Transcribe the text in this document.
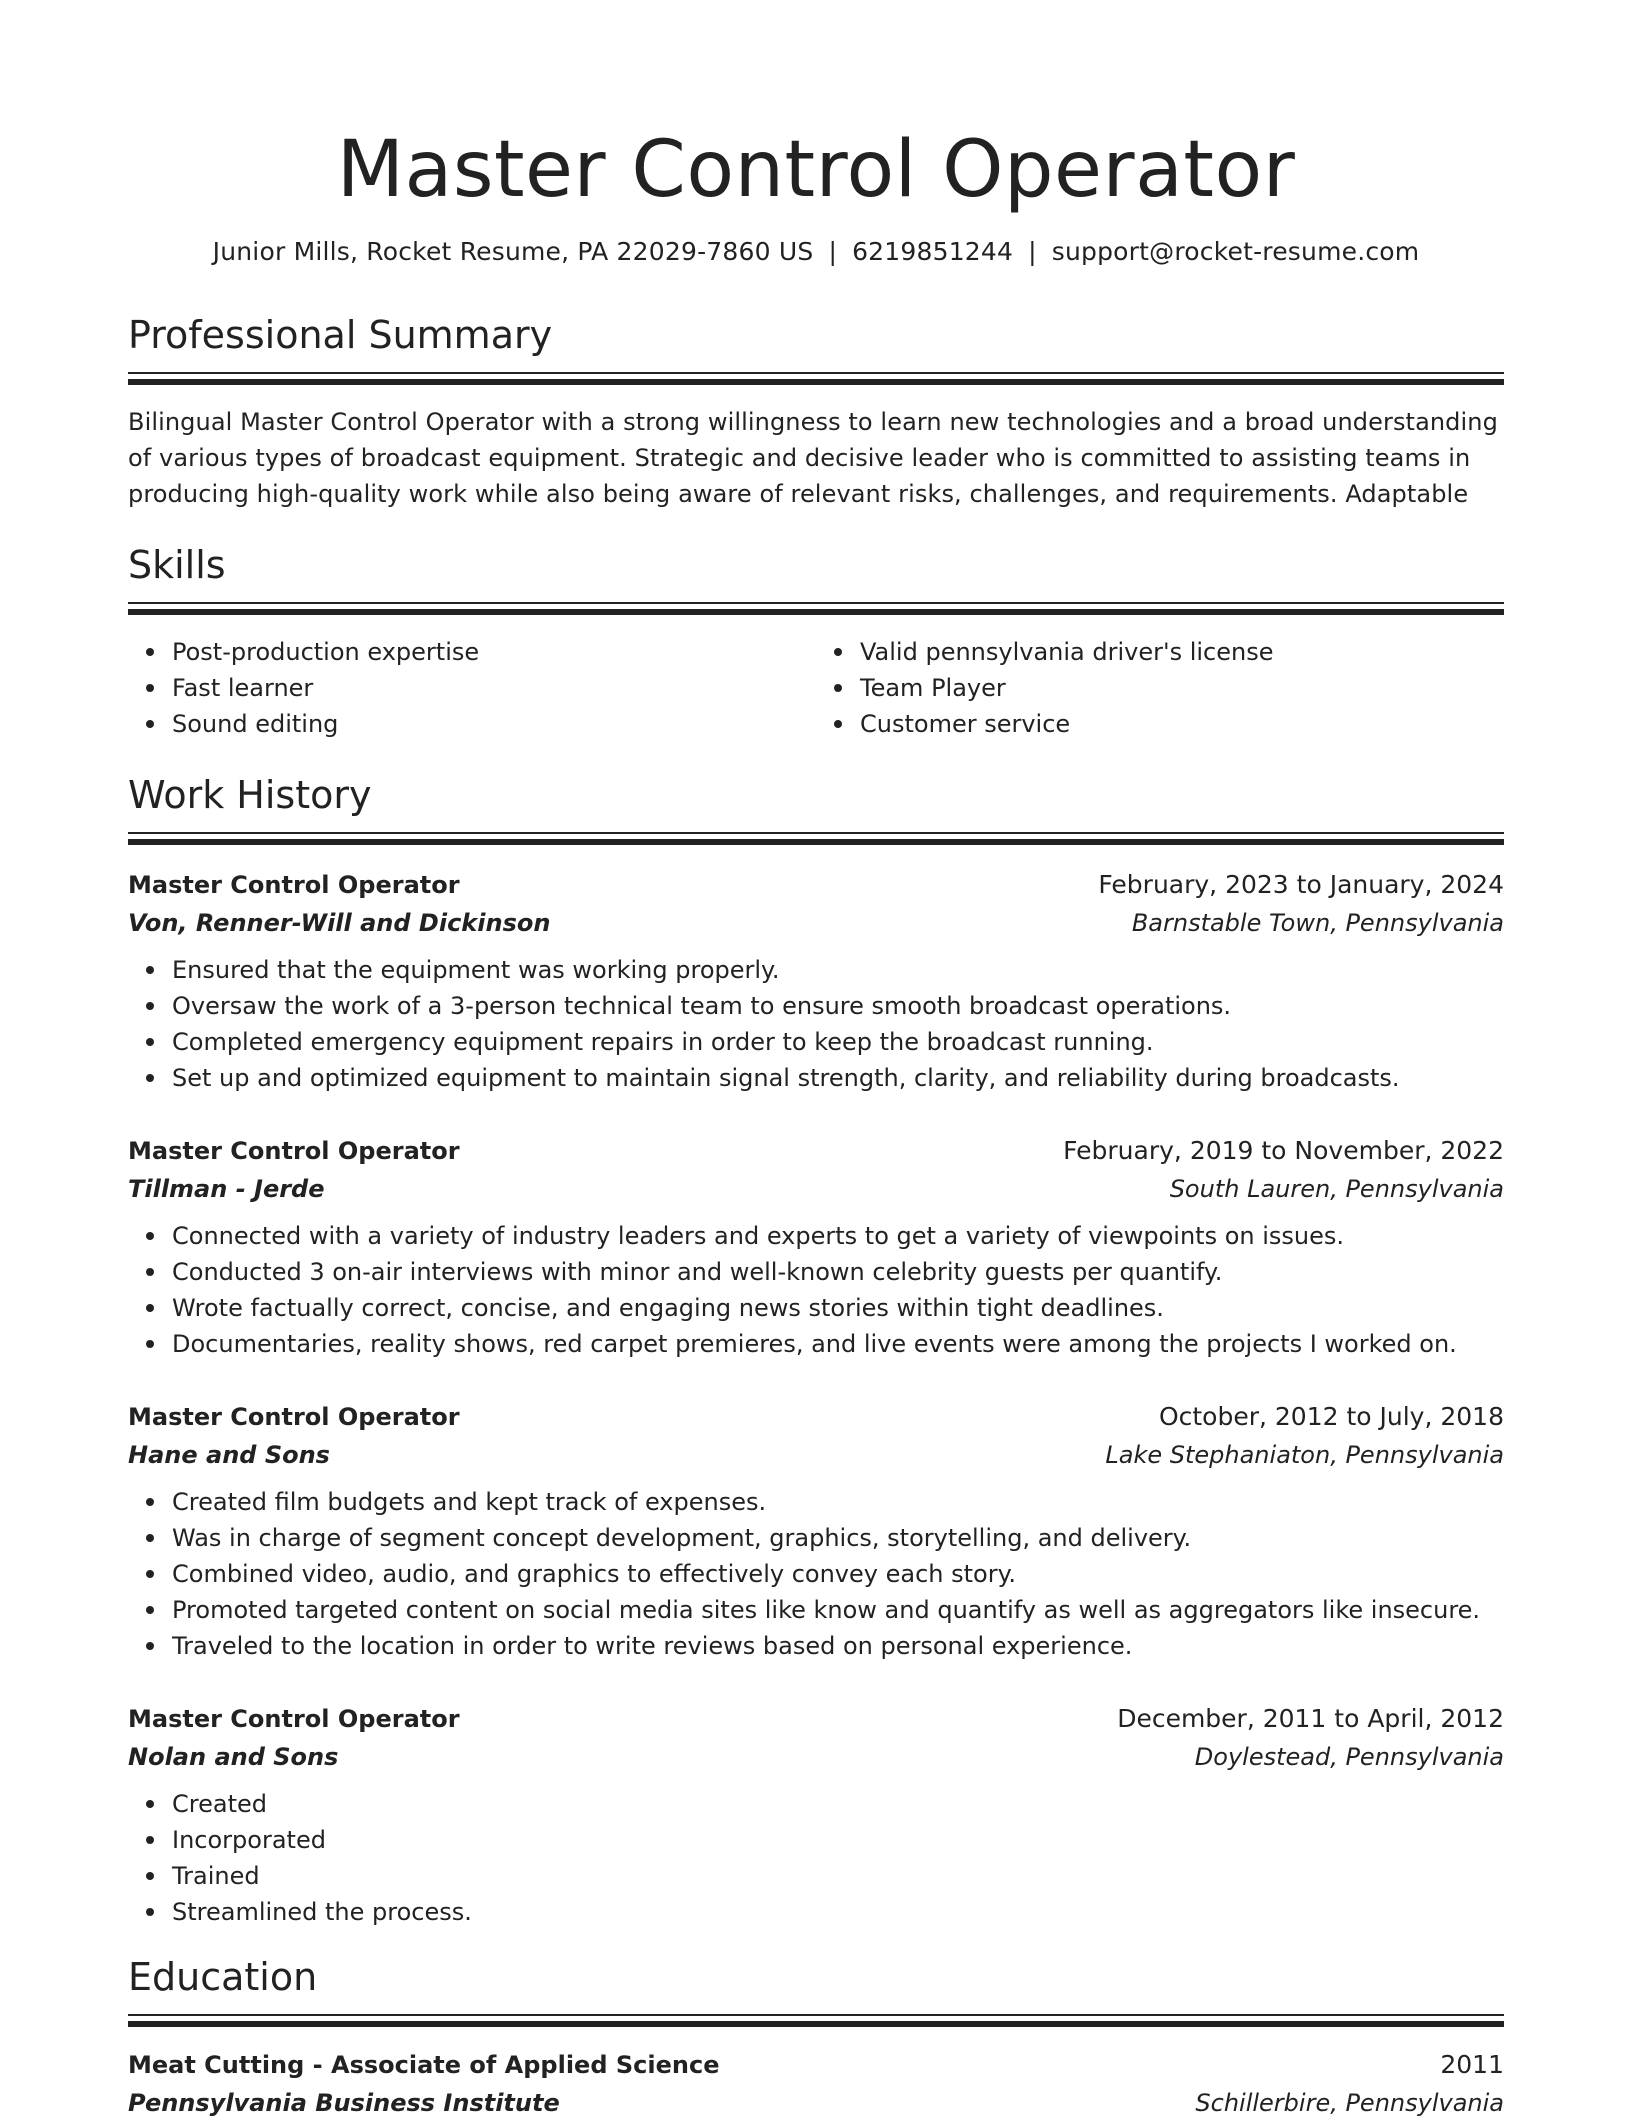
Master Control Operator
Junior Mills, Rocket Resume, PA 22029-7860 US | 6219851244 | support@rocket-resume.com
Professional Summary

Bilingual Master Control Operator with a strong willingness to learn new technologies and a broad understanding of various types of broadcast equipment. Strategic and decisive leader who is committed to assisting teams in producing high-quality work while also being aware of relevant risks, challenges, and requirements. Adaptable

Skills
Post-production expertise
Fast learner
Sound editing
Valid pennsylvania driver's license
Team Player
Customer service
Work History
Master Control Operator	February, 2023 to January, 2024
Von, Renner-Will and Dickinson	Barnstable Town, Pennsylvania
Ensured that the equipment was working properly.
Oversaw the work of a 3-person technical team to ensure smooth broadcast operations.
Completed emergency equipment repairs in order to keep the broadcast running.
Set up and optimized equipment to maintain signal strength, clarity, and reliability during broadcasts.
Master Control Operator	February, 2019 to November, 2022
Tillman - Jerde	South Lauren, Pennsylvania
Connected with a variety of industry leaders and experts to get a variety of viewpoints on issues.
Conducted 3 on-air interviews with minor and well-known celebrity guests per quantify.
Wrote factually correct, concise, and engaging news stories within tight deadlines.
Documentaries, reality shows, red carpet premieres, and live events were among the projects I worked on.
Master Control Operator	October, 2012 to July, 2018
Hane and Sons	Lake Stephaniaton, Pennsylvania
Created film budgets and kept track of expenses.
Was in charge of segment concept development, graphics, storytelling, and delivery.
Combined video, audio, and graphics to effectively convey each story.
Promoted targeted content on social media sites like know and quantify as well as aggregators like insecure.
Traveled to the location in order to write reviews based on personal experience.
Master Control Operator	December, 2011 to April, 2012
Nolan and Sons	Doylestead, Pennsylvania
Created
Incorporated
Trained
Streamlined the process.
Education
Meat Cutting - Associate of Applied Science	2011
Pennsylvania Business Institute	Schillerbire, Pennsylvania
